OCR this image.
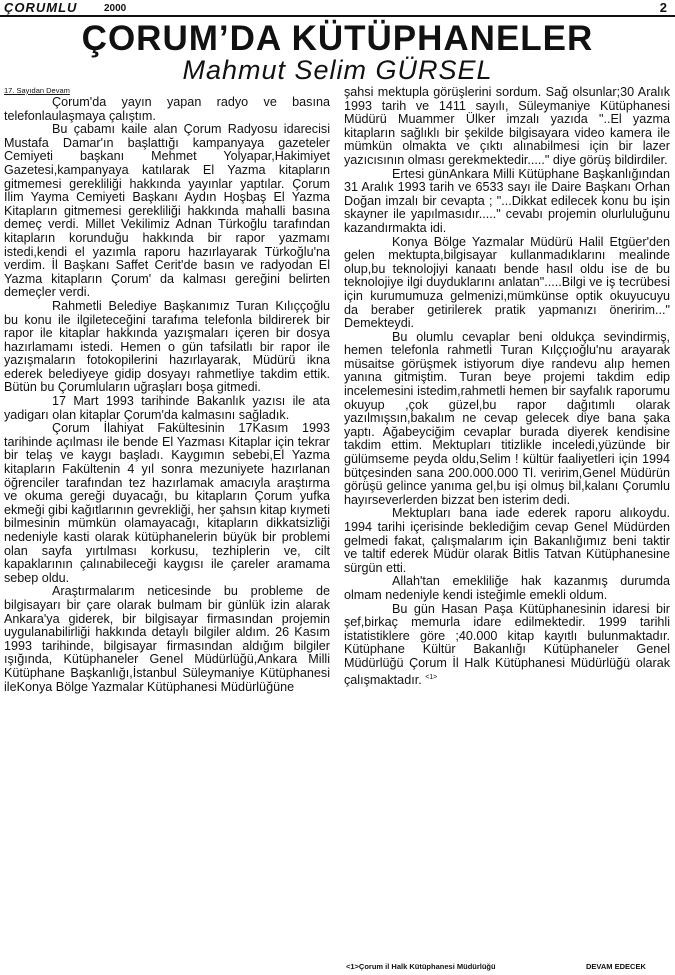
ÇORUMLU	2000	2
ÇORUM’DA KÜTÜPHANELER
Mahmut Selim GÜRSEL
17. Sayıdan Devam

Çorum'da yayın yapan radyo ve basına telefonlaulaşmaya çalıştım.

Bu çabamı kaile alan Çorum Radyosu idarecisi Mustafa Damar'ın başlattığı kampanyaya gazeteler Cemiyeti başkanı Mehmet Yolyapar,Hakimiyet Gazetesi,kampanyaya katılarak El Yazma kitapların gitmemesi gerekliliği hakkında yayınlar yaptılar. Çorum İlim Yayma Cemiyeti Başkanı Aydın Hoşbaş El Yazma Kitapların gitmemesi gerekliliği hakkında mahalli basına demeç verdi. Millet Vekilimiz Adnan Türkoğlu tarafından kitapların korunduğu hakkında bir rapor yazmamı istedi,kendi el yazımla raporu hazırlayarak Türkoğlu'na verdim. İl Başkanı Saffet Cerit'de basın ve radyodan El Yazma kitapların Çorum' da kalması gereğini belirten demeçler verdi.

Rahmetli Belediye Başkanımız Turan Kılıççoğlu bu konu ile ilgileteceğini tarafıma telefonla bildirerek bir rapor ile kitaplar hakkında yazışmaları içeren bir dosya hazırlamamı istedi. Hemen o gün tafsilatlı bir rapor ile yazışmaların fotokopilerini hazırlayarak, Müdürü ikna ederek belediyeye gidip dosyayı rahmetliye takdim ettik. Bütün bu Çorumluların uğraşları boşa gitmedi.

17 Mart 1993 tarihinde Bakanlık yazısı ile ata yadigarı olan kitaplar Çorum'da kalmasını sağladık.

Çorum İlahiyat Fakültesinin 17Kasım 1993 tarihinde açılması ile bende El Yazması Kitaplar için tekrar bir telaş ve kaygı başladı. Kaygımın sebebi,El Yazma kitapların Fakültenin 4 yıl sonra mezuniyete hazırlanan öğrenciler tarafından tez hazırlamak amacıyla araştırma ve okuma gereği duyacağı, bu kitapların Çorum yufka ekmeği gibi kağıtlarının gevrekliği, her şahsın kitap kıymeti bilmesinin mümkün olamayacağı, kitapların dikkatsizliği nedeniyle kasti olarak kütüphanelerin büyük bir problemi olan sayfa yırtılması korkusu, tezhiplerin ve, cilt kapaklarının çalınabileceği kaygısı ile çareler aramama sebep oldu.

Araştırmalarım neticesinde bu probleme de bilgisayarı bir çare olarak bulmam bir günlük izin alarak Ankara'ya giderek, bir bilgisayar firmasından projemin uygulanabilirliği hakkında detaylı bilgiler aldım. 26 Kasım 1993 tarihinde, bilgisayar firmasından aldığım bilgiler ışığında, Kütüphaneler Genel Müdürlüğü,Ankara Milli Kütüphane Başkanlığı,İstanbul Süleymaniye Kütüphanesi ileKonya Bölge Yazmalar Kütüphanesi Müdürlüğüne

şahsi mektupla görüşlerini sordum. Sağ olsunlar;30 Aralık 1993 tarih ve 1411 sayılı, Süleymaniye Kütüphanesi Müdürü Muammer Ülker imzalı yazıda "..El yazma kitapların sağlıklı bir şekilde bilgisayara video kamera ile mümkün olmakta ve çıktı alınabilmesi için bir lazer yazıcısının olması gerekmektedir....." diye görüş bildirdiler.

Ertesi günAnkara Milli Kütüphane Başkanlığından 31 Aralık 1993 tarih ve 6533 sayı ile Daire Başkanı Orhan Doğan imzalı bir cevapta ; "...Dikkat edilecek konu bu işin skayner ile yapılmasıdır....." cevabı projemin olurluluğunu kazandırmakta idi.

Konya Bölge Yazmalar Müdürü Halil Etgüer'den gelen mektupta,bilgisayar kullanmadıklarını mealinde olup,bu teknolojiyi kanaatı bende hasıl oldu ise de bu teknolojiye ilgi duyduklarını anlatan".....Bilgi ve iş tecrübesi için kurumumuza gelmenizi,mümkünse optik okuyucuyu da beraber getirilerek pratik yapmanızı öneririm..." Demekteydi.

Bu olumlu cevaplar beni oldukça sevindirmiş, hemen telefonla rahmetli Turan Kılççıoğlu'nu arayarak müsaitse görüşmek istiyorum diye randevu alıp hemen yanına gitmiştim. Turan beye projemi takdim edip incelemesini istedim,rahmetli hemen bir sayfalık raporumu okuyup ,çok güzel,bu rapor dağıtımlı olarak yazılmışsın,bakalım ne cevap gelecek diye bana şaka yaptı. Ağabeyciğim cevaplar burada diyerek kendisine takdim ettim. Mektupları titizlikle inceledi,yüzünde bir gülümseme peyda oldu,Selim ! kültür faaliyetleri için 1994 bütçesinden sana 200.000.000 Tl. veririm,Genel Müdürün görüşü gelince yanıma gel,bu işi olmuş bil,kalanı Çorumlu hayırseverlerden bizzat ben isterim dedi.

Mektupları bana iade ederek raporu alıkoydu. 1994 tarihi içerisinde beklediğim cevap Genel Müdürden gelmedi fakat, çalışmalarım için Bakanlığımız beni taktir ve taltif ederek Müdür olarak Bitlis Tatvan Kütüphanesine sürgün etti.

Allah'tan emekliliğe hak kazanmış durumda olmam nedeniyle kendi isteğimle emekli oldum.

Bu gün Hasan Paşa Kütüphanesinin idaresi bir şef,birkaç memurla idare edilmektedir. 1999 tarihli istatistiklere göre ;40.000 kitap kayıtlı bulunmaktadır. Kütüphane Kültür Bakanlığı Kütüphaneler Genel Müdürlüğü Çorum İl Halk Kütüphanesi Müdürlüğü olarak çalışmaktadır. $^{<1>}$

<1>Çorum il Halk Kütüphanesi Müdürlüğü	DEVAM EDECEK
